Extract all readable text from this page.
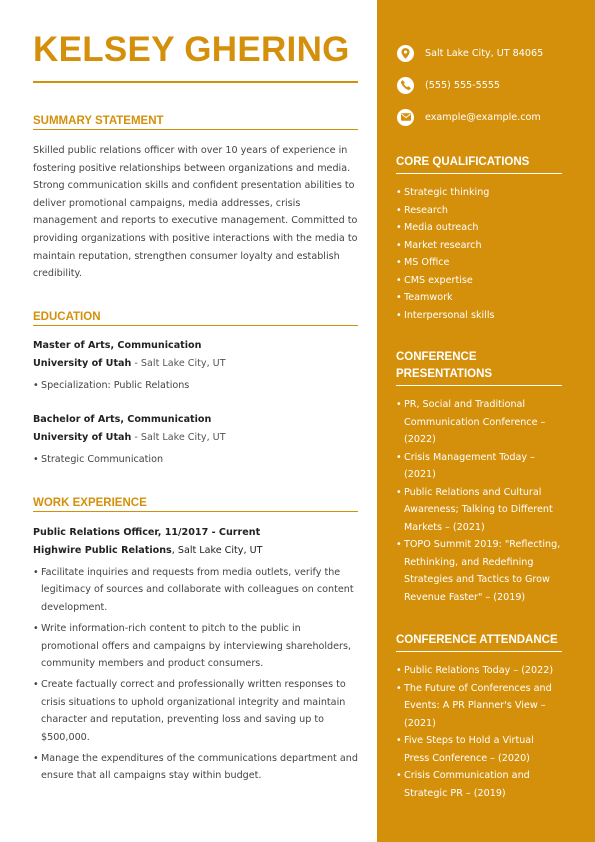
KELSEY GHERING
SUMMARY STATEMENT

Skilled public relations officer with over 10 years of experience in fostering positive relationships between organizations and media. Strong communication skills and confident presentation abilities to deliver promotional campaigns, media addresses, crisis management and reports to executive management. Committed to providing organizations with positive interactions with the media to maintain reputation, strengthen consumer loyalty and establish credibility.

EDUCATION
Master of Arts, Communication
University of Utah - Salt Lake City, UT
• Specialization: Public Relations
Bachelor of Arts, Communication
University of Utah - Salt Lake City, UT
• Strategic Communication
WORK EXPERIENCE
Public Relations Officer, 11/2017 - Current
Highwire Public Relations, Salt Lake City, UT
• Facilitate inquiries and requests from media outlets, verify the legitimacy of sources and collaborate with colleagues on content development.
• Write information-rich content to pitch to the public in promotional offers and campaigns by interviewing shareholders, community members and product consumers.
• Create factually correct and professionally written responses to crisis situations to uphold organizational integrity and maintain character and reputation, preventing loss and saving up to $500,000.
• Manage the expenditures of the communications department and ensure that all campaigns stay within budget.
Salt Lake City, UT 84065
(555) 555-5555
example@example.com
CORE QUALIFICATIONS
• Strategic thinking
• Research
• Media outreach
• Market research
• MS Office
• CMS expertise
• Teamwork
• Interpersonal skills
CONFERENCE PRESENTATIONS
• PR, Social and Traditional Communication Conference – (2022)
• Crisis Management Today – (2021)
• Public Relations and Cultural Awareness; Talking to Different Markets – (2021)
• TOPO Summit 2019: "Reflecting, Rethinking, and Redefining Strategies and Tactics to Grow Revenue Faster" – (2019)
CONFERENCE ATTENDANCE
• Public Relations Today – (2022)
• The Future of Conferences and Events: A PR Planner's View – (2021)
• Five Steps to Hold a Virtual Press Conference – (2020)
• Crisis Communication and Strategic PR – (2019)
